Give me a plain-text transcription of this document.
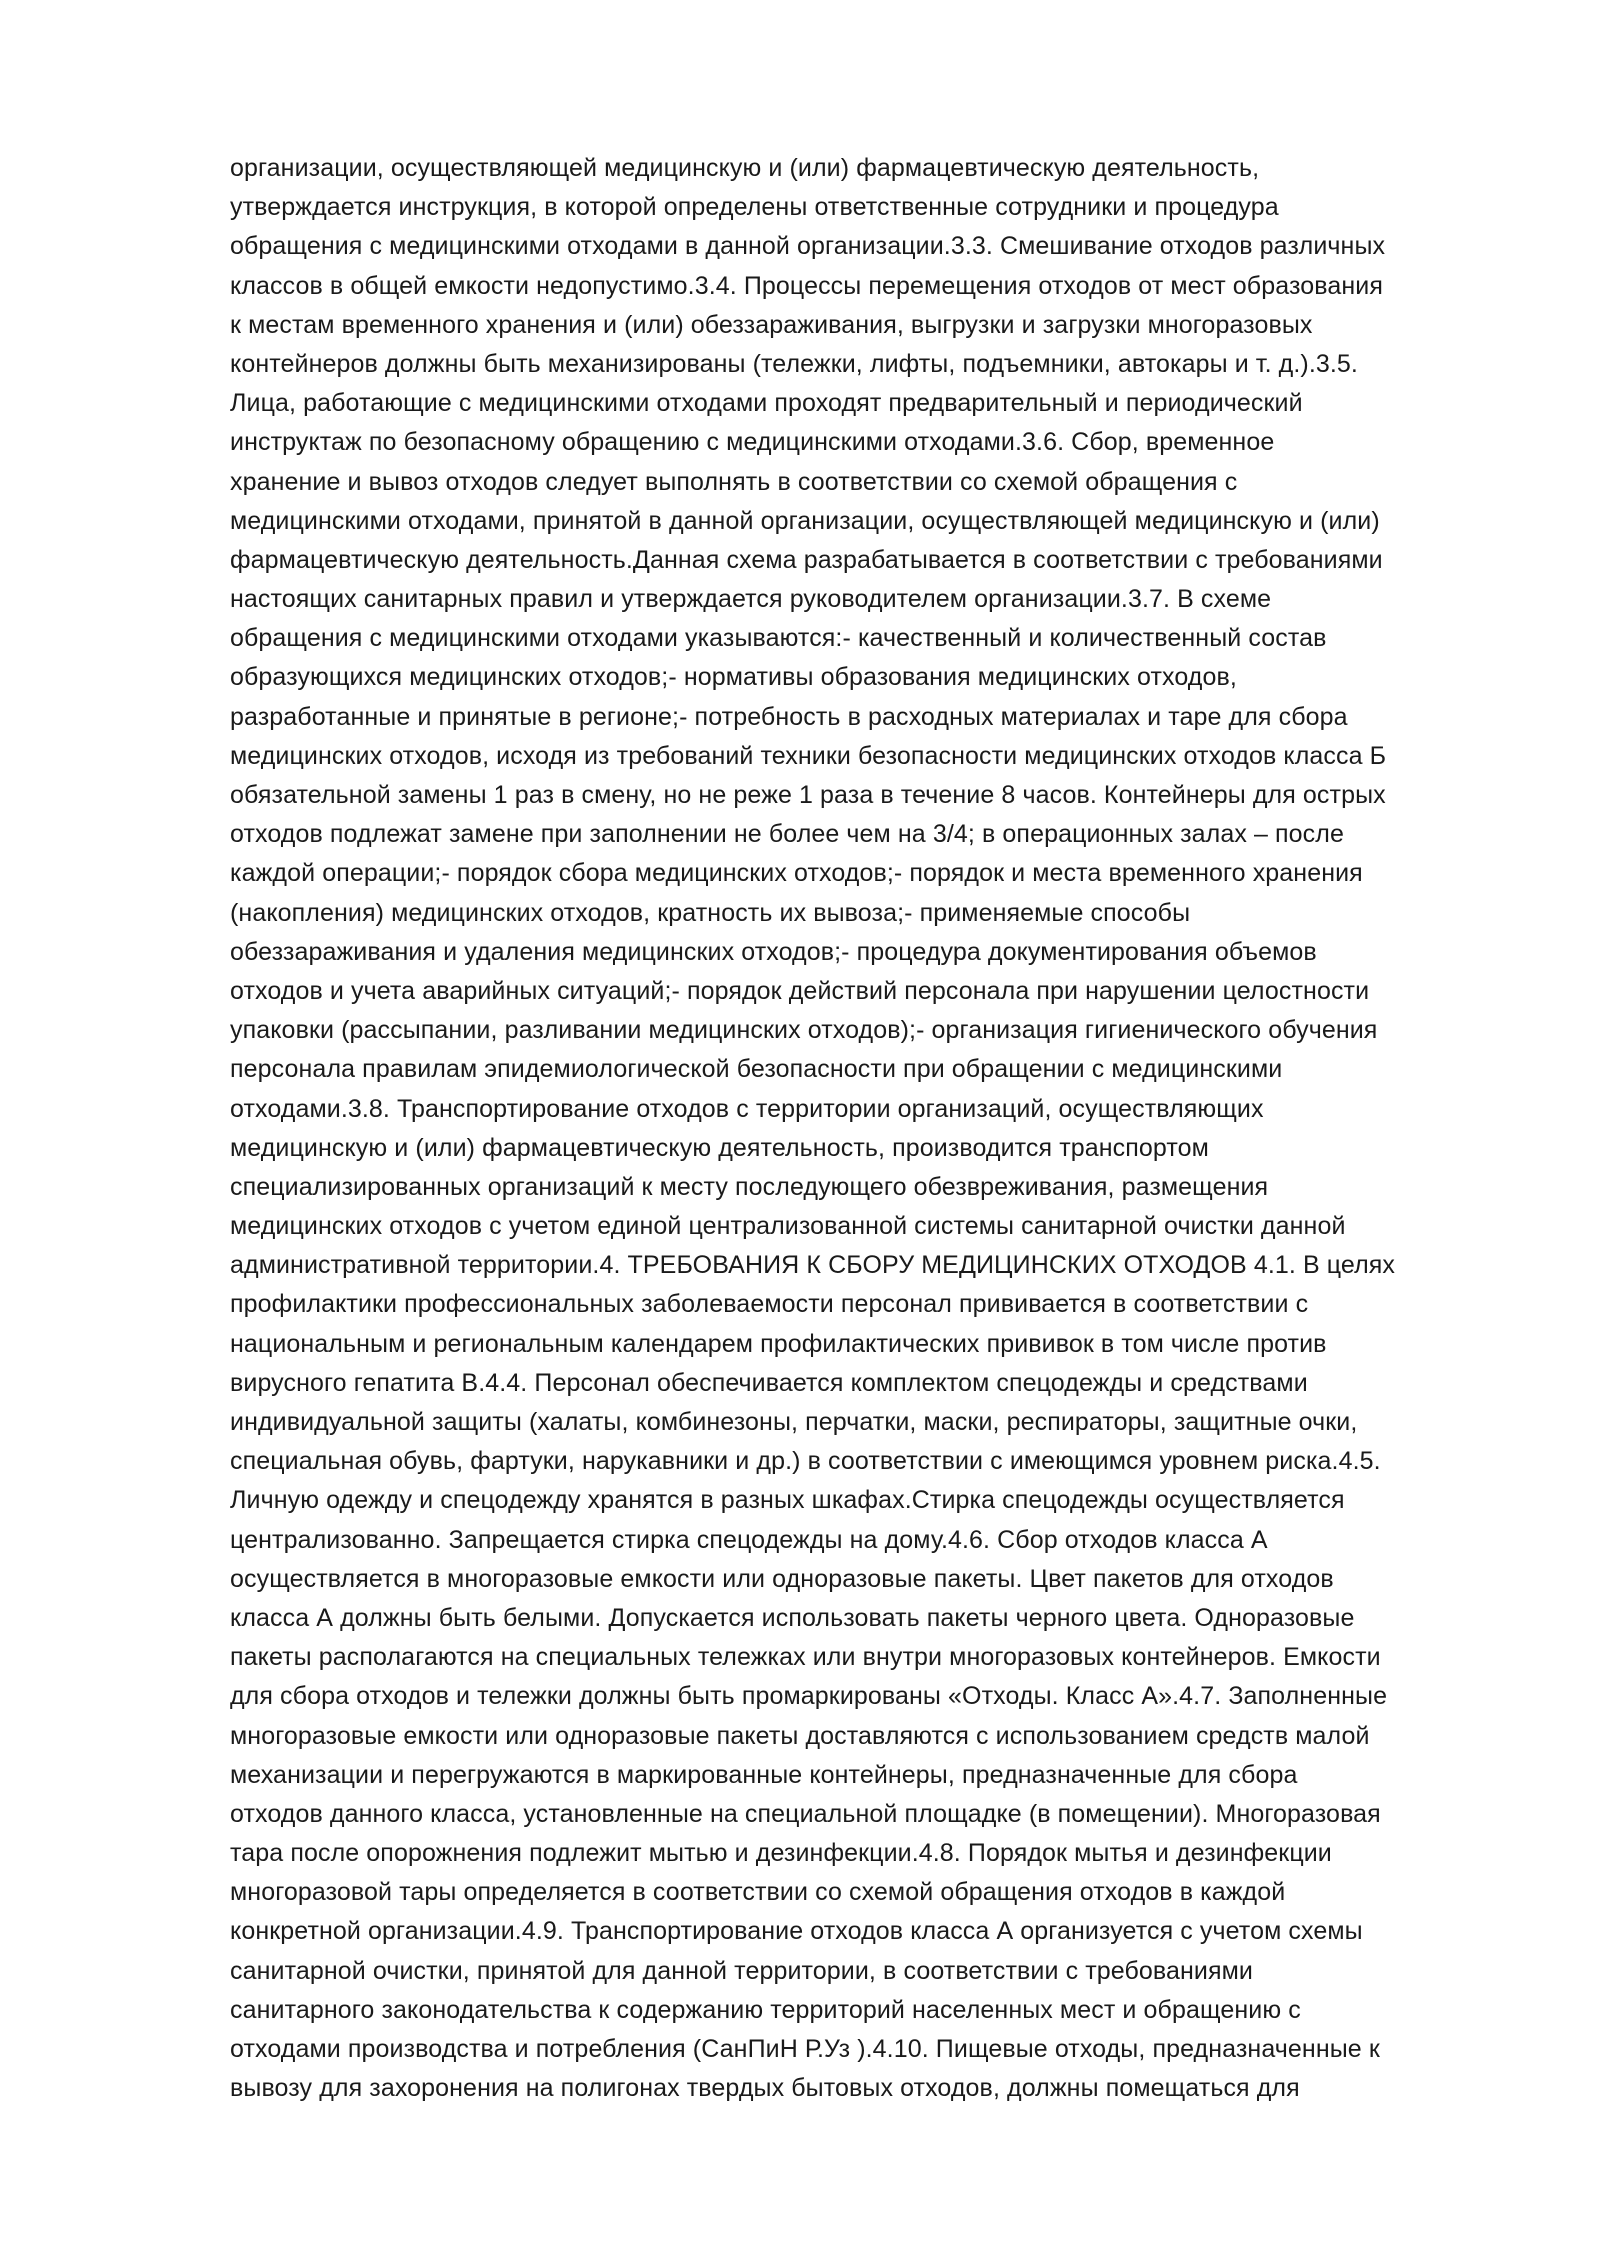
организации, осуществляющей медицинскую и (или) фармацевтическую деятельность,
утверждается инструкция, в которой определены ответственные сотрудники и процедура
обращения с медицинскими отходами в данной организации.3.3. Смешивание отходов различных
классов в общей емкости недопустимо.3.4. Процессы перемещения отходов от мест образования
к местам временного хранения и (или) обеззараживания, выгрузки и загрузки многоразовых
контейнеров должны быть механизированы (тележки, лифты, подъемники, автокары и т. д.).3.5.
Лица, работающие с медицинскими отходами проходят предварительный и периодический
инструктаж по безопасному обращению с медицинскими отходами.3.6. Сбор, временное
хранение и вывоз отходов следует выполнять в соответствии со схемой обращения с
медицинскими отходами, принятой в данной организации, осуществляющей медицинскую и (или)
фармацевтическую деятельность.Данная схема разрабатывается в соответствии с требованиями
настоящих санитарных правил и утверждается руководителем организации.3.7. В схеме
обращения с медицинскими отходами указываются:- качественный и количественный состав
образующихся медицинских отходов;- нормативы образования медицинских отходов,
разработанные и принятые в регионе;- потребность в расходных материалах и таре для сбора
медицинских отходов, исходя из требований техники безопасности медицинских отходов класса Б
обязательной замены 1 раз в смену, но не реже 1 раза в течение 8 часов. Контейнеры для острых
отходов подлежат замене при заполнении не более чем на 3/4; в операционных залах – после
каждой операции;- порядок сбора медицинских отходов;- порядок и места временного хранения
(накопления) медицинских отходов, кратность их вывоза;- применяемые способы
обеззараживания и удаления медицинских отходов;- процедура документирования объемов
отходов и учета аварийных ситуаций;- порядок действий персонала при нарушении целостности
упаковки (рассыпании, разливании медицинских отходов);- организация гигиенического обучения
персонала правилам эпидемиологической безопасности при обращении с медицинскими
отходами.3.8. Транспортирование отходов с территории организаций, осуществляющих
медицинскую и (или) фармацевтическую деятельность, производится транспортом
специализированных организаций к месту последующего обезвреживания, размещения
медицинских отходов с учетом единой централизованной системы санитарной очистки данной
административной территории.4. ТРЕБОВАНИЯ К СБОРУ МЕДИЦИНСКИХ ОТХОДОВ 4.1. В целях
профилактики профессиональных заболеваемости персонал прививается в соответствии с
национальным и региональным календарем профилактических прививок в том числе против
вирусного гепатита В.4.4. Персонал обеспечивается комплектом спецодежды и средствами
индивидуальной защиты (халаты, комбинезоны, перчатки, маски, респираторы, защитные очки,
специальная обувь, фартуки, нарукавники и др.) в соответствии с имеющимся уровнем риска.4.5.
Личную одежду и спецодежду хранятся в разных шкафах.Стирка спецодежды осуществляется
централизованно. Запрещается стирка спецодежды на дому.4.6. Сбор отходов класса А
осуществляется в многоразовые емкости или одноразовые пакеты. Цвет пакетов для отходов
класса А должны быть белыми. Допускается использовать пакеты черного цвета. Одноразовые
пакеты располагаются на специальных тележках или внутри многоразовых контейнеров. Емкости
для сбора отходов и тележки должны быть промаркированы «Отходы. Класс А».4.7. Заполненные
многоразовые емкости или одноразовые пакеты доставляются с использованием средств малой
механизации и перегружаются в маркированные контейнеры, предназначенные для сбора
отходов данного класса, установленные на специальной площадке (в помещении). Многоразовая
тара после опорожнения подлежит мытью и дезинфекции.4.8. Порядок мытья и дезинфекции
многоразовой тары определяется в соответствии со схемой обращения отходов в каждой
конкретной организации.4.9. Транспортирование отходов класса А организуется с учетом схемы
санитарной очистки, принятой для данной территории, в соответствии с требованиями
санитарного законодательства к содержанию территорий населенных мест и обращению с
отходами производства и потребления (СанПиН Р.Уз ).4.10. Пищевые отходы, предназначенные к
вывозу для захоронения на полигонах твердых бытовых отходов, должны помещаться для
